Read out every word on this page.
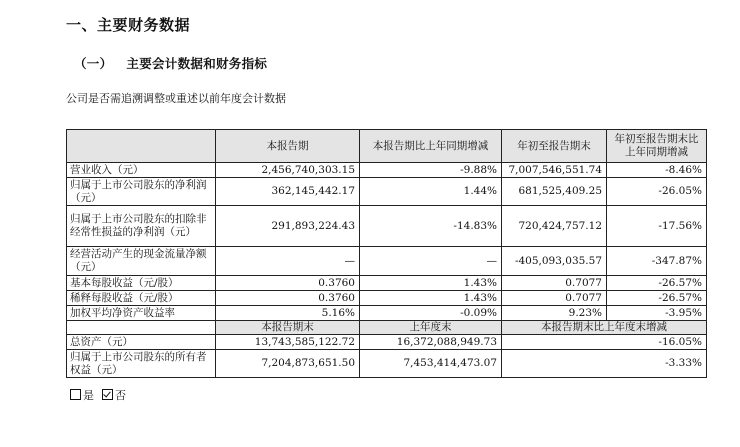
一、主要财务数据
（一） 主要会计数据和财务指标
公司是否需追溯调整或重述以前年度会计数据
	本报告期	本报告期比上年同期增减	年初至报告期末	年初至报告期末比上年同期增减
营业收入（元）	2,456,740,303.15	-9.88%	7,007,546,551.74	-8.46%
归属于上市公司股东的净利润（元）	362,145,442.17	1.44%	681,525,409.25	-26.05%
归属于上市公司股东的扣除非经常性损益的净利润（元）	291,893,224.43	-14.83%	720,424,757.12	-17.56%
经营活动产生的现金流量净额（元）	—	—	-405,093,035.57	-347.87%
基本每股收益（元/股）	0.3760	1.43%	0.7077	-26.57%
稀释每股收益（元/股）	0.3760	1.43%	0.7077	-26.57%
加权平均净资产收益率	5.16%	-0.09%	9.23%	-3.95%
	本报告期末	上年度末	本报告期末比上年度末增减	
总资产（元）	13,743,585,122.72	16,372,088,949.73	-16.05%	
归属于上市公司股东的所有者权益（元）	7,204,873,651.50	7,453,414,473.07	-3.33%	
是 否
